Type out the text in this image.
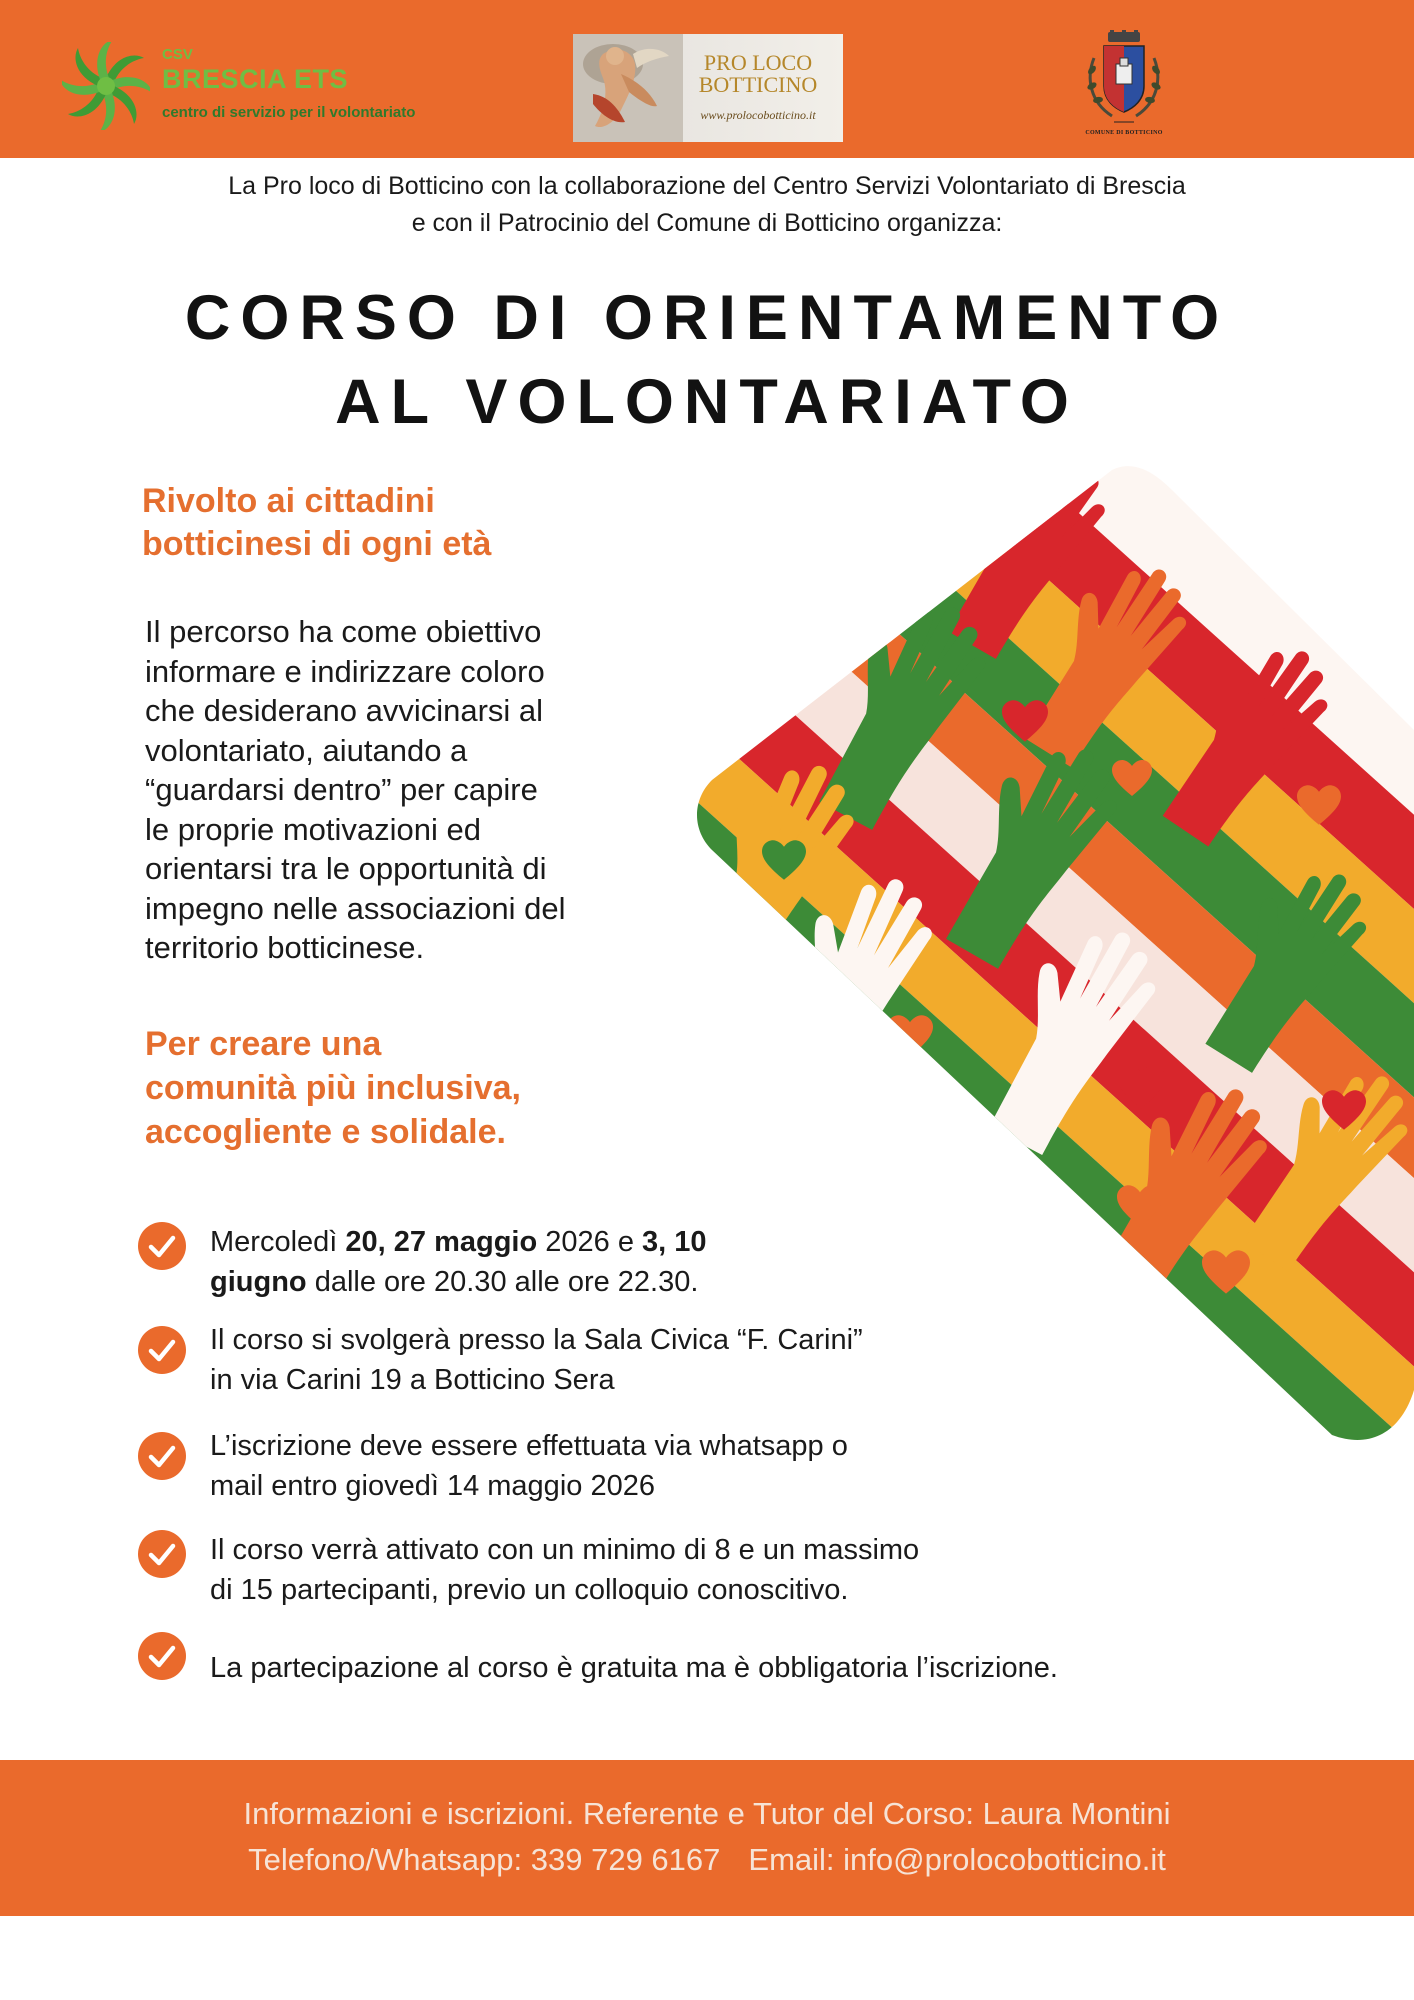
CSV
BRESCIA ETS
centro di servizio per il volontariato
PRO LOCO
BOTTICINO
www.prolocobotticino.it
COMUNE DI BOTTICINO
La Pro loco di Botticino con la collaborazione del Centro Servizi Volontariato di Brescia
e con il Patrocinio del Comune di Botticino organizza:
CORSO DI ORIENTAMENTO
AL VOLONTARIATO
Rivolto ai cittadini
botticinesi di ogni età
Il percorso ha come obiettivo
informare e indirizzare coloro
che desiderano avvicinarsi al
volontariato, aiutando a
“guardarsi dentro” per capire
le proprie motivazioni ed
orientarsi tra le opportunità di
impegno nelle associazioni del
territorio botticinese.
Per creare una
comunità più inclusiva,
accogliente e solidale.
Mercoledì 20, 27 maggio 2026 e 3, 10
giugno dalle ore 20.30 alle ore 22.30.
Il corso si svolgerà presso la Sala Civica “F. Carini”
in via Carini 19 a Botticino Sera
L’iscrizione deve essere effettuata via whatsapp o
mail entro giovedì 14 maggio 2026
Il corso verrà attivato con un minimo di 8 e un massimo
di 15 partecipanti, previo un colloquio conoscitivo.
La partecipazione al corso è gratuita ma è obbligatoria l’iscrizione.
Informazioni e iscrizioni. Referente e Tutor del Corso: Laura Montini
Telefono/Whatsapp: 339 729 6167 Email: info@prolocobotticino.it
